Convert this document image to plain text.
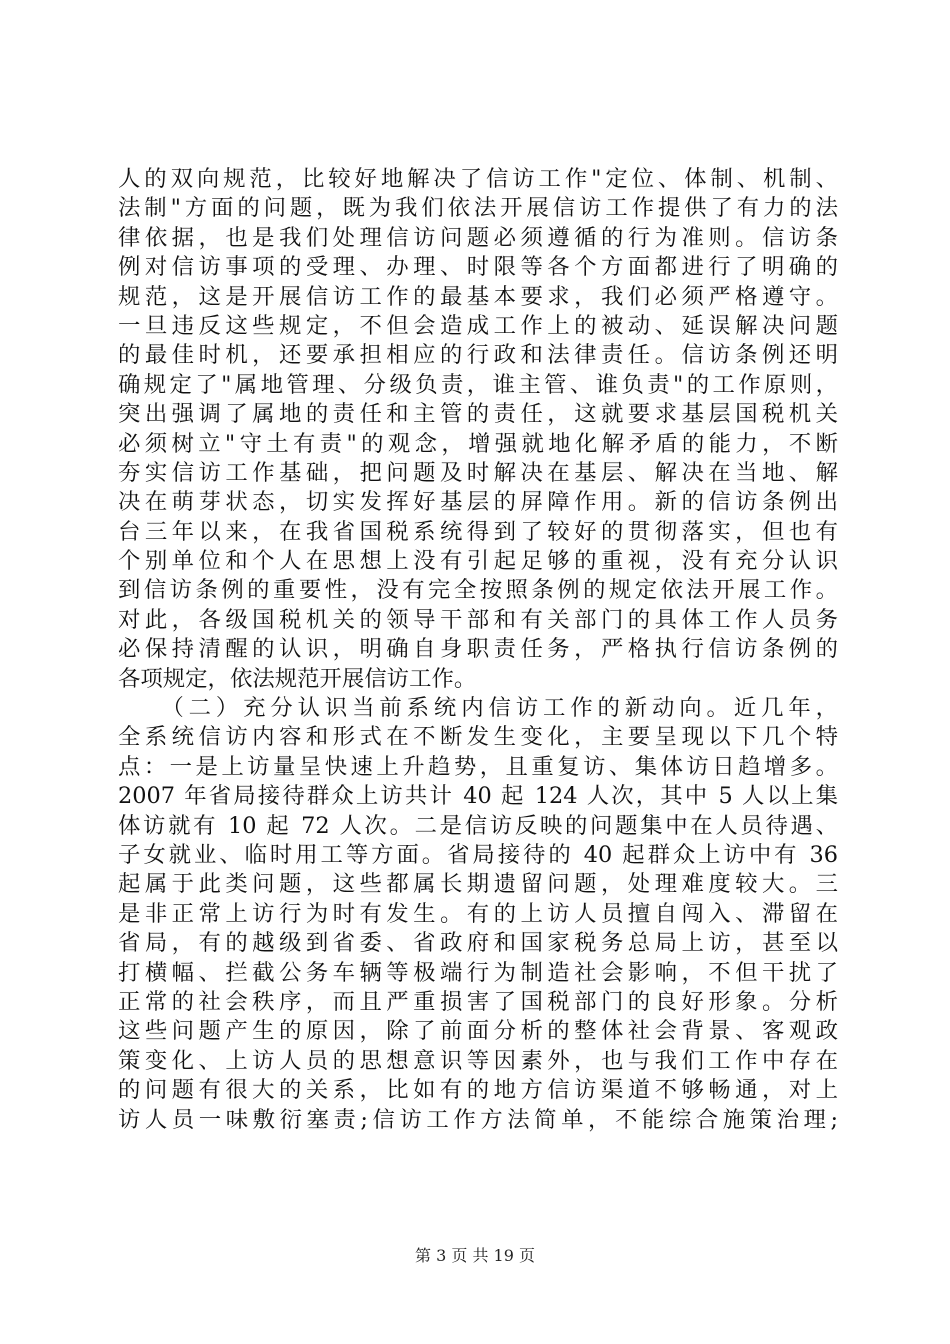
人的双向规范，比较好地解决了信访工作"定位、体制、机制、
法制"方面的问题，既为我们依法开展信访工作提供了有力的法
律依据，也是我们处理信访问题必须遵循的行为准则。信访条
例对信访事项的受理、办理、时限等各个方面都进行了明确的
规范，这是开展信访工作的最基本要求，我们必须严格遵守。
一旦违反这些规定，不但会造成工作上的被动、延误解决问题
的最佳时机，还要承担相应的行政和法律责任。信访条例还明
确规定了"属地管理、分级负责，谁主管、谁负责"的工作原则，
突出强调了属地的责任和主管的责任，这就要求基层国税机关
必须树立"守土有责"的观念，增强就地化解矛盾的能力，不断
夯实信访工作基础，把问题及时解决在基层、解决在当地、解
决在萌芽状态，切实发挥好基层的屏障作用。新的信访条例出
台三年以来，在我省国税系统得到了较好的贯彻落实，但也有
个别单位和个人在思想上没有引起足够的重视，没有充分认识
到信访条例的重要性，没有完全按照条例的规定依法开展工作。
对此，各级国税机关的领导干部和有关部门的具体工作人员务
必保持清醒的认识，明确自身职责任务，严格执行信访条例的
各项规定，依法规范开展信访工作。
　　（二）充分认识当前系统内信访工作的新动向。近几年，
全系统信访内容和形式在不断发生变化，主要呈现以下几个特
点：一是上访量呈快速上升趋势，且重复访、集体访日趋增多。
2007 年省局接待群众上访共计 40 起 124 人次，其中 5 人以上集
体访就有 10 起 72 人次。二是信访反映的问题集中在人员待遇、
子女就业、临时用工等方面。省局接待的 40 起群众上访中有 36
起属于此类问题，这些都属长期遗留问题，处理难度较大。三
是非正常上访行为时有发生。有的上访人员擅自闯入、滞留在
省局，有的越级到省委、省政府和国家税务总局上访，甚至以
打横幅、拦截公务车辆等极端行为制造社会影响，不但干扰了
正常的社会秩序，而且严重损害了国税部门的良好形象。分析
这些问题产生的原因，除了前面分析的整体社会背景、客观政
策变化、上访人员的思想意识等因素外，也与我们工作中存在
的问题有很大的关系，比如有的地方信访渠道不够畅通，对上
访人员一味敷衍塞责;信访工作方法简单，不能综合施策治理;
第 3 页 共 19 页
